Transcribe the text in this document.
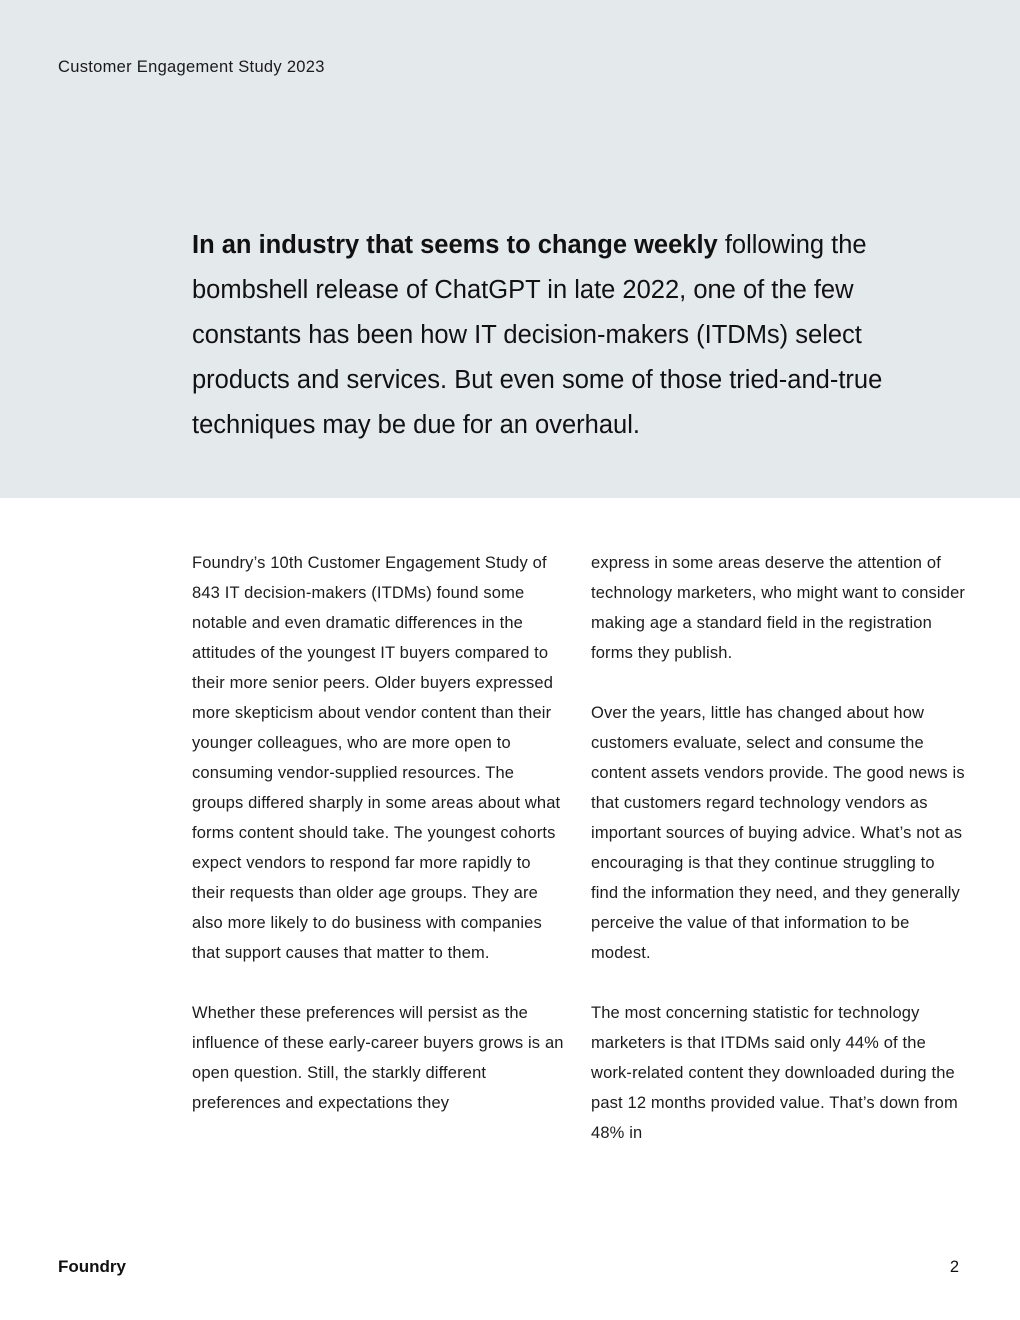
Customer Engagement Study 2023

In an industry that seems to change weekly following the bombshell release of ChatGPT in late 2022, one of the few constants has been how IT decision-makers (ITDMs) select products and services. But even some of those tried-and-true techniques may be due for an overhaul.

Foundry’s 10th Customer Engagement Study of 843 IT decision-makers (ITDMs) found some notable and even dramatic differences in the attitudes of the youngest IT buyers compared to their more senior peers. Older buyers expressed more skepticism about vendor content than their younger colleagues, who are more open to consuming vendor-supplied resources. The groups differed sharply in some areas about what forms content should take. The youngest cohorts expect vendors to respond far more rapidly to their requests than older age groups. They are also more likely to do business with companies that support causes that matter to them.

Whether these preferences will persist as the influence of these early-career buyers grows is an open question. Still, the starkly different preferences and expectations they

express in some areas deserve the attention of technology marketers, who might want to consider making age a standard field in the registration forms they publish.

Over the years, little has changed about how customers evaluate, select and consume the content assets vendors provide. The good news is that customers regard technology vendors as important sources of buying advice. What’s not as encouraging is that they continue struggling to find the information they need, and they generally perceive the value of that information to be modest.

The most concerning statistic for technology marketers is that ITDMs said only 44% of the work-related content they downloaded during the past 12 months provided value. That’s down from 48% in

Foundry	2
